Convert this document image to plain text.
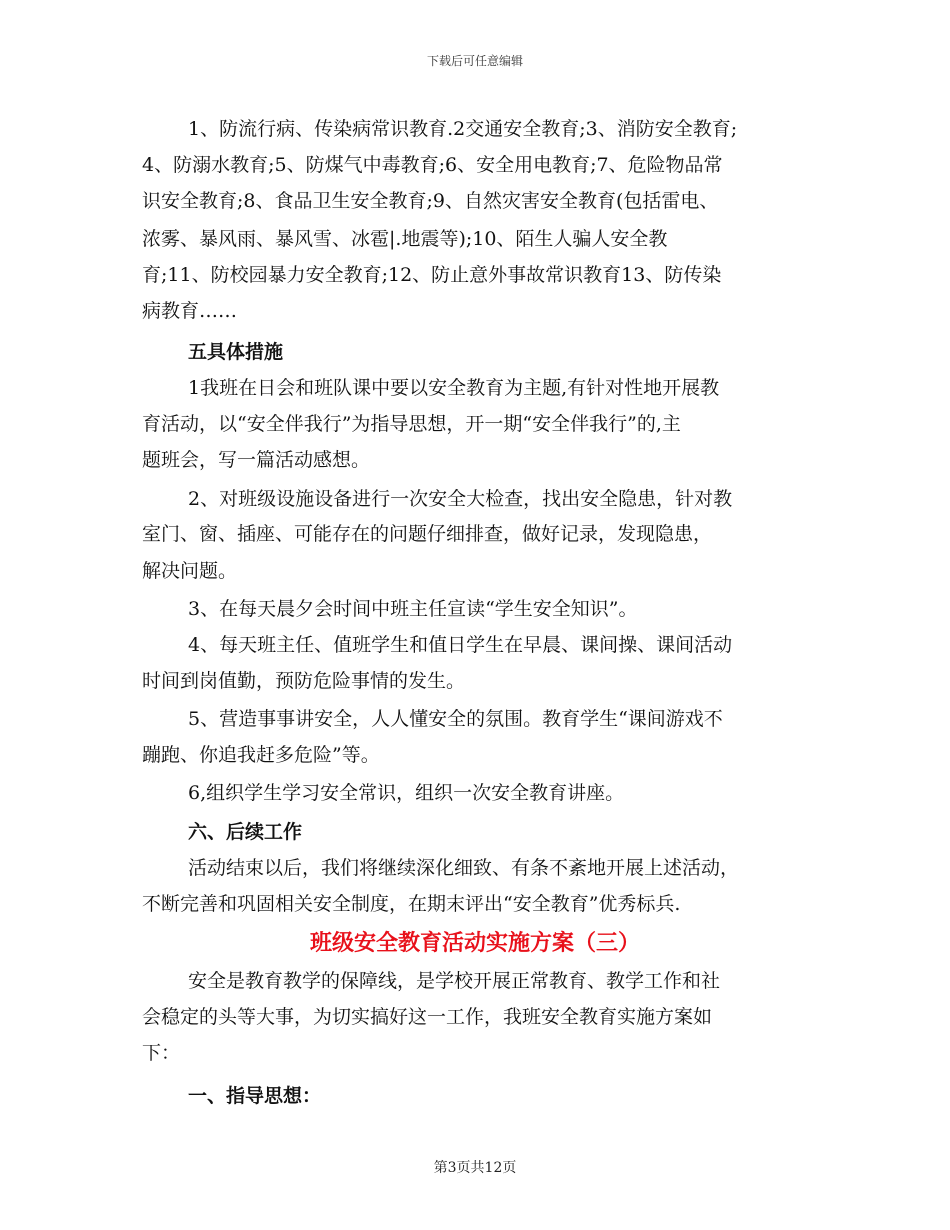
下载后可任意编辑
1、防流行病、传染病常识教育.2交通安全教育;3、消防安全教育;
4、防溺水教育;5、防煤气中毒教育;6、安全用电教育;7、危险物品常
识安全教育;8、食品卫生安全教育;9、自然灾害安全教育(包括雷电、
浓雾、暴风雨、暴风雪、冰雹|.地震等);10、陌生人骗人安全教
育;11、防校园暴力安全教育;12、防止意外事故常识教育13、防传染
病教育……
五具体措施
1我班在日会和班队课中要以安全教育为主题,有针对性地开展教
育活动，以“安全伴我行”为指导思想，开一期“安全伴我行”的,主
题班会，写一篇活动感想。
2、对班级设施设备进行一次安全大检查，找出安全隐患，针对教
室门、窗、插座、可能存在的问题仔细排查，做好记录，发现隐患，
解决问题。
3、在每天晨夕会时间中班主任宣读“学生安全知识”。
4、每天班主任、值班学生和值日学生在早晨、课间操、课间活动
时间到岗值勤，预防危险事情的发生。
5、营造事事讲安全，人人懂安全的氛围。教育学生“课间游戏不
蹦跑、你追我赶多危险”等。
6,组织学生学习安全常识，组织一次安全教育讲座。
六、后续工作
活动结束以后，我们将继续深化细致、有条不紊地开展上述活动，
不断完善和巩固相关安全制度，在期末评出“安全教育”优秀标兵.
班级安全教育活动实施方案（三）
安全是教育教学的保障线，是学校开展正常教育、教学工作和社
会稳定的头等大事，为切实搞好这一工作，我班安全教育实施方案如
下：
一、指导思想：
第3页共12页
